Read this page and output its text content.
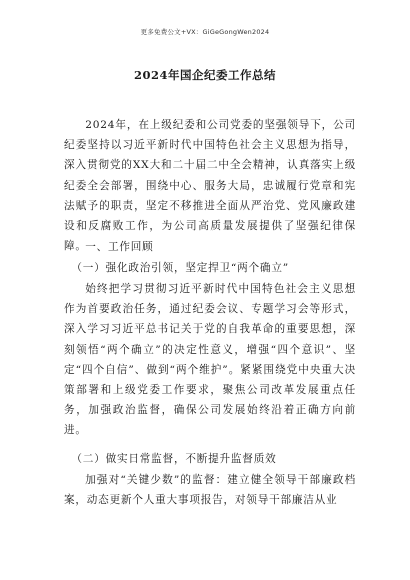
更多免费公文+VX：GiGeGongWen2024
2024年国企纪委工作总结

2024年，在上级纪委和公司党委的坚强领导下，公司纪委坚持以习近平新时代中国特色社会主义思想为指导，深入贯彻党的XX大和二十届二中全会精神，认真落实上级纪委全会部署，围绕中心、服务大局，忠诚履行党章和宪法赋予的职责，坚定不移推进全面从严治党、党风廉政建设和反腐败工作，为公司高质量发展提供了坚强纪律保障。

一、工作回顾

（一）强化政治引领，坚定捍卫“两个确立”

始终把学习贯彻习近平新时代中国特色社会主义思想作为首要政治任务，通过纪委会议、专题学习会等形式，深入学习习近平总书记关于党的自我革命的重要思想，深刻领悟“两个确立”的决定性意义，增强“四个意识”、坚定“四个自信”、做到“两个维护”。紧紧围绕党中央重大决策部署和上级党委工作要求，聚焦公司改革发展重点任务，加强政治监督，确保公司发展始终沿着正确方向前进。

（二）做实日常监督，不断提升监督质效

加强对“关键少数”的监督：建立健全领导干部廉政档案，动态更新个人重大事项报告，对领导干部廉洁从业
